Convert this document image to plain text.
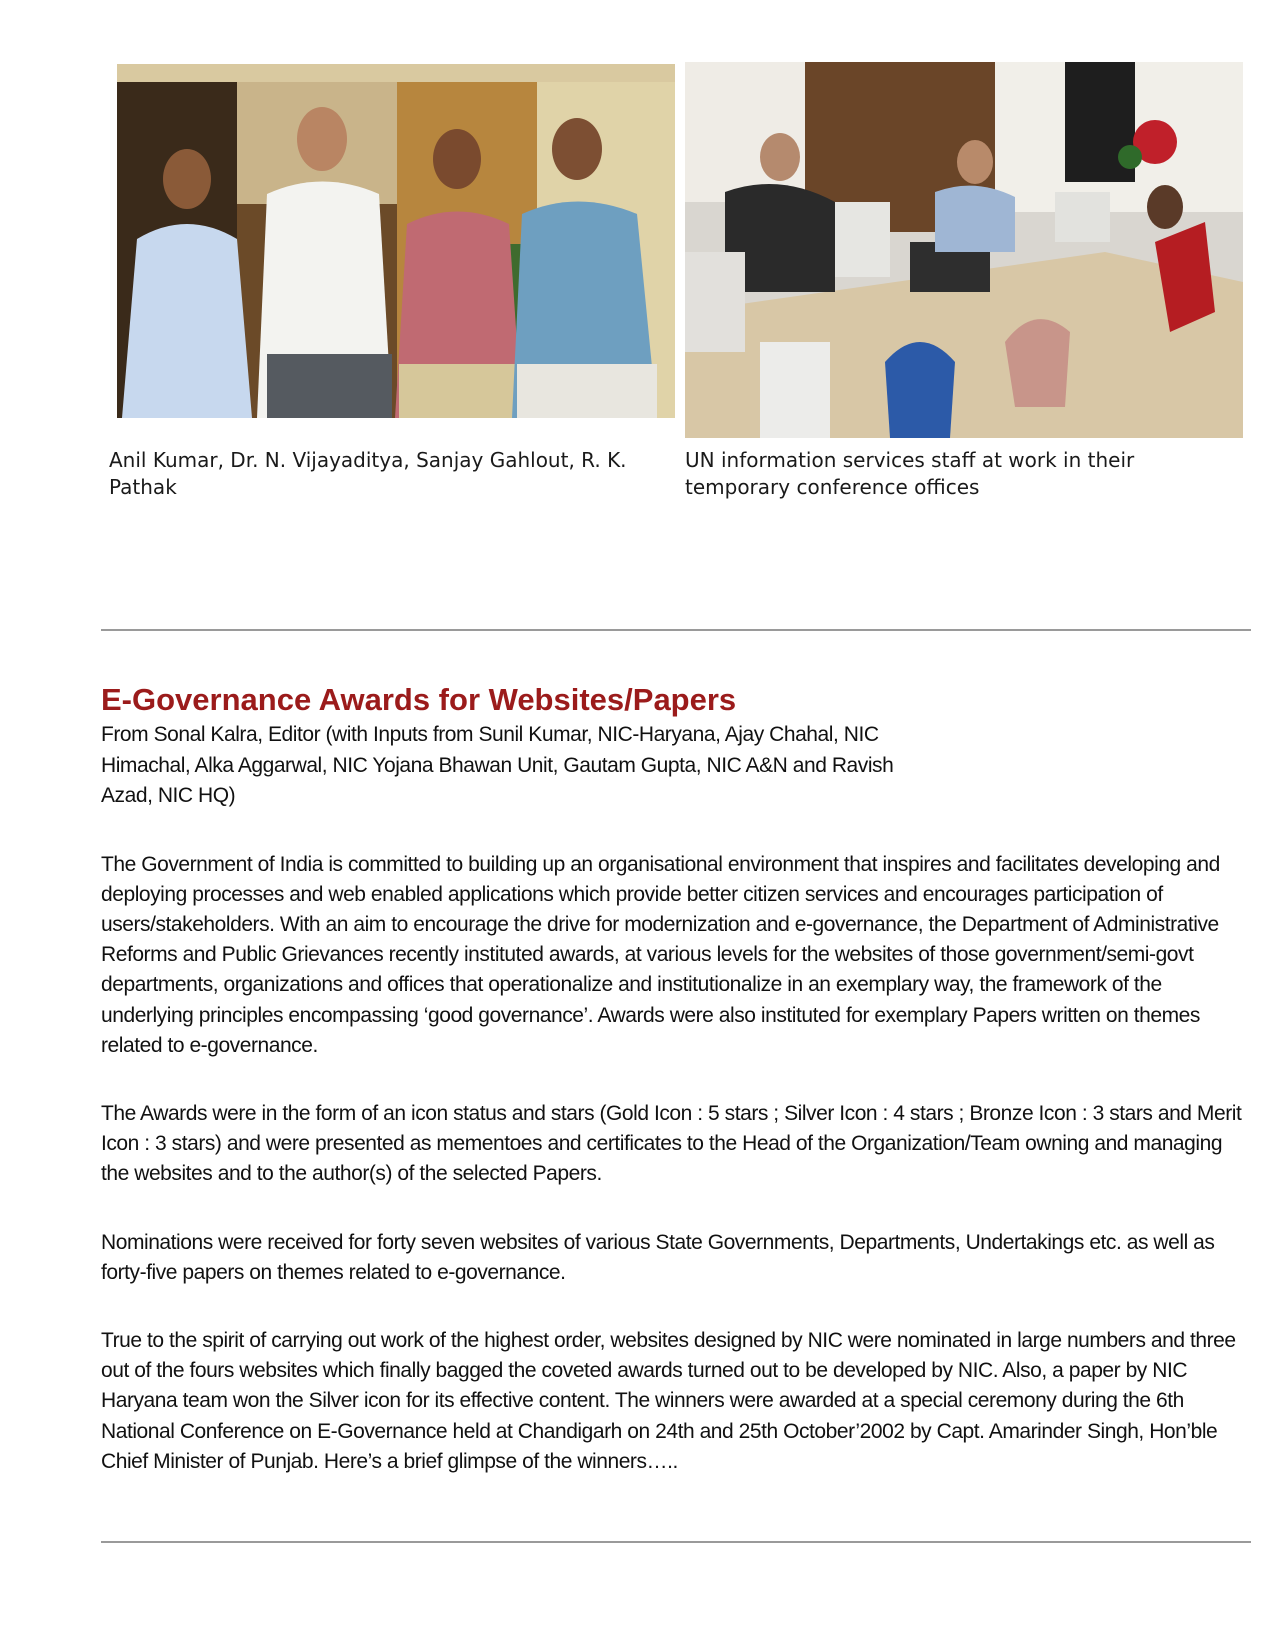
Anil Kumar, Dr. N. Vijayaditya, Sanjay Gahlout, R. K. Pathak
UN information services staff at work in their temporary conference offices
E-Governance Awards for Websites/Papers

From Sonal Kalra, Editor (with Inputs from Sunil Kumar, NIC-Haryana, Ajay Chahal, NIC Himachal, Alka Aggarwal, NIC Yojana Bhawan Unit, Gautam Gupta, NIC A&N and Ravish Azad, NIC HQ)

The Government of India is committed to building up an organisational environment that inspires and facilitates developing and deploying processes and web enabled applications which provide better citizen services and encourages participation of users/stakeholders. With an aim to encourage the drive for modernization and e-governance, the Department of Administrative Reforms and Public Grievances recently instituted awards, at various levels for the websites of those government/semi-govt departments, organizations and offices that operationalize and institutionalize in an exemplary way, the framework of the underlying principles encompassing ‘good governance’. Awards were also instituted for exemplary Papers written on themes related to e-governance.

The Awards were in the form of an icon status and stars (Gold Icon : 5 stars ; Silver Icon : 4 stars ; Bronze Icon : 3 stars and Merit Icon : 3 stars) and were presented as mementoes and certificates to the Head of the Organization/Team owning and managing the websites and to the author(s) of the selected Papers.

Nominations were received for forty seven websites of various State Governments, Departments, Undertakings etc. as well as forty-five papers on themes related to e-governance.

True to the spirit of carrying out work of the highest order, websites designed by NIC were nominated in large numbers and three out of the fours websites which finally bagged the coveted awards turned out to be developed by NIC. Also, a paper by NIC Haryana team won the Silver icon for its effective content. The winners were awarded at a special ceremony during the 6th National Conference on E-Governance held at Chandigarh on 24th and 25th October’2002 by Capt. Amarinder Singh, Hon’ble Chief Minister of Punjab. Here’s a brief glimpse of the winners…..
